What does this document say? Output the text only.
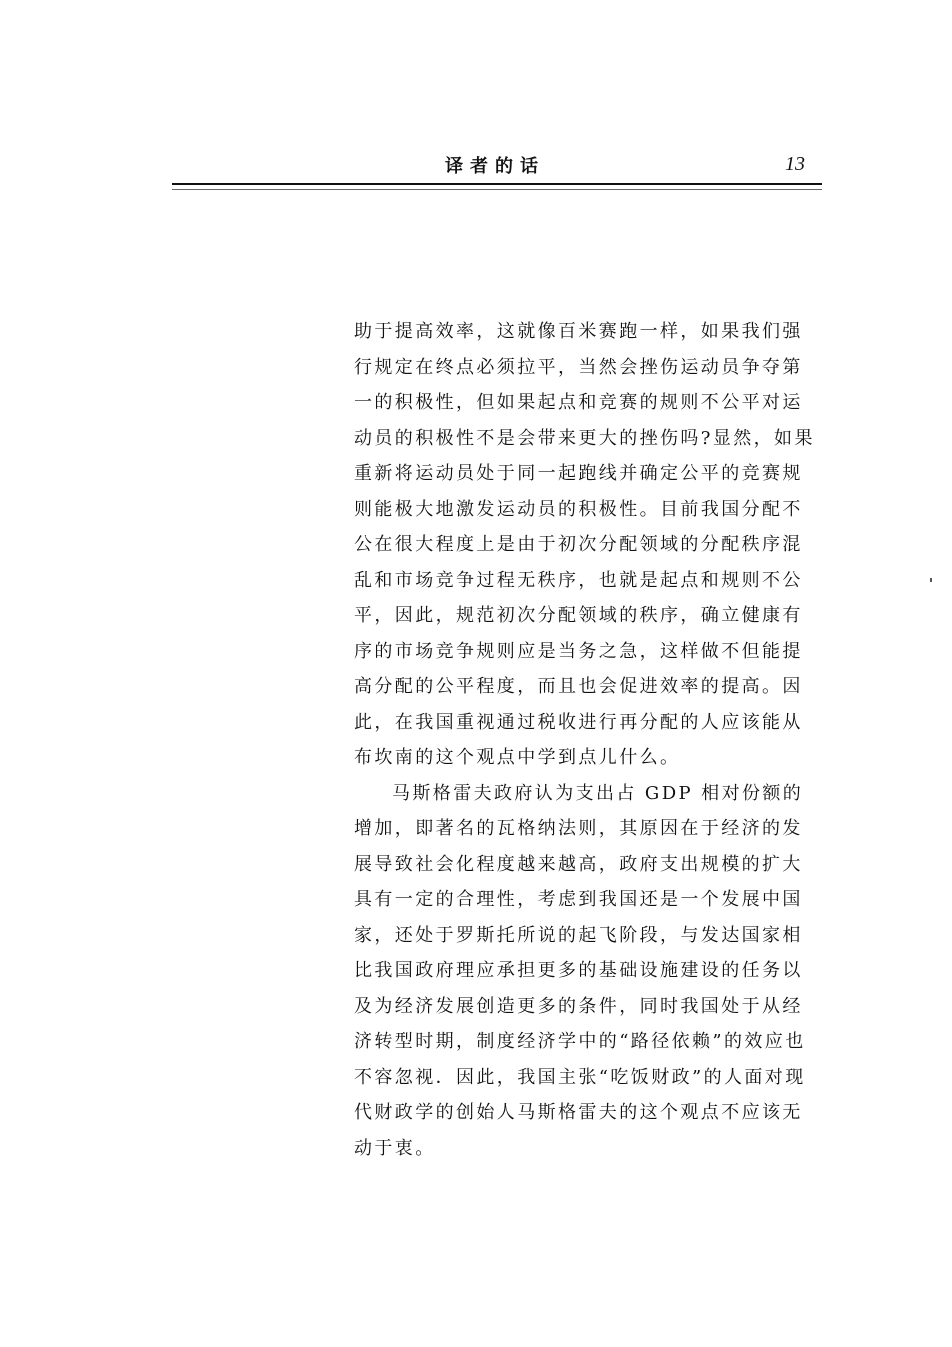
译者的话	13

助于提高效率，这就像百米赛跑一样，如果我们强行规定在终点必须拉平，当然会挫伤运动员争夺第一的积极性，但如果起点和竞赛的规则不公平对运动员的积极性不是会带来更大的挫伤吗?显然，如果重新将运动员处于同一起跑线并确定公平的竞赛规则能极大地激发运动员的积极性。目前我国分配不公在很大程度上是由于初次分配领域的分配秩序混乱和市场竞争过程无秩序，也就是起点和规则不公平，因此，规范初次分配领域的秩序，确立健康有序的市场竞争规则应是当务之急，这样做不但能提高分配的公平程度，而且也会促进效率的提高。因此，在我国重视通过税收进行再分配的人应该能从布坎南的这个观点中学到点儿什么。

马斯格雷夫政府认为支出占 GDP 相对份额的增加，即著名的瓦格纳法则，其原因在于经济的发展导致社会化程度越来越高，政府支出规模的扩大具有一定的合理性，考虑到我国还是一个发展中国家，还处于罗斯托所说的起飞阶段，与发达国家相比我国政府理应承担更多的基础设施建设的任务以及为经济发展创造更多的条件，同时我国处于从经济转型时期，制度经济学中的“路径依赖”的效应也不容忽视．因此，我国主张“吃饭财政”的人面对现代财政学的创始人马斯格雷夫的这个观点不应该无动于衷。
